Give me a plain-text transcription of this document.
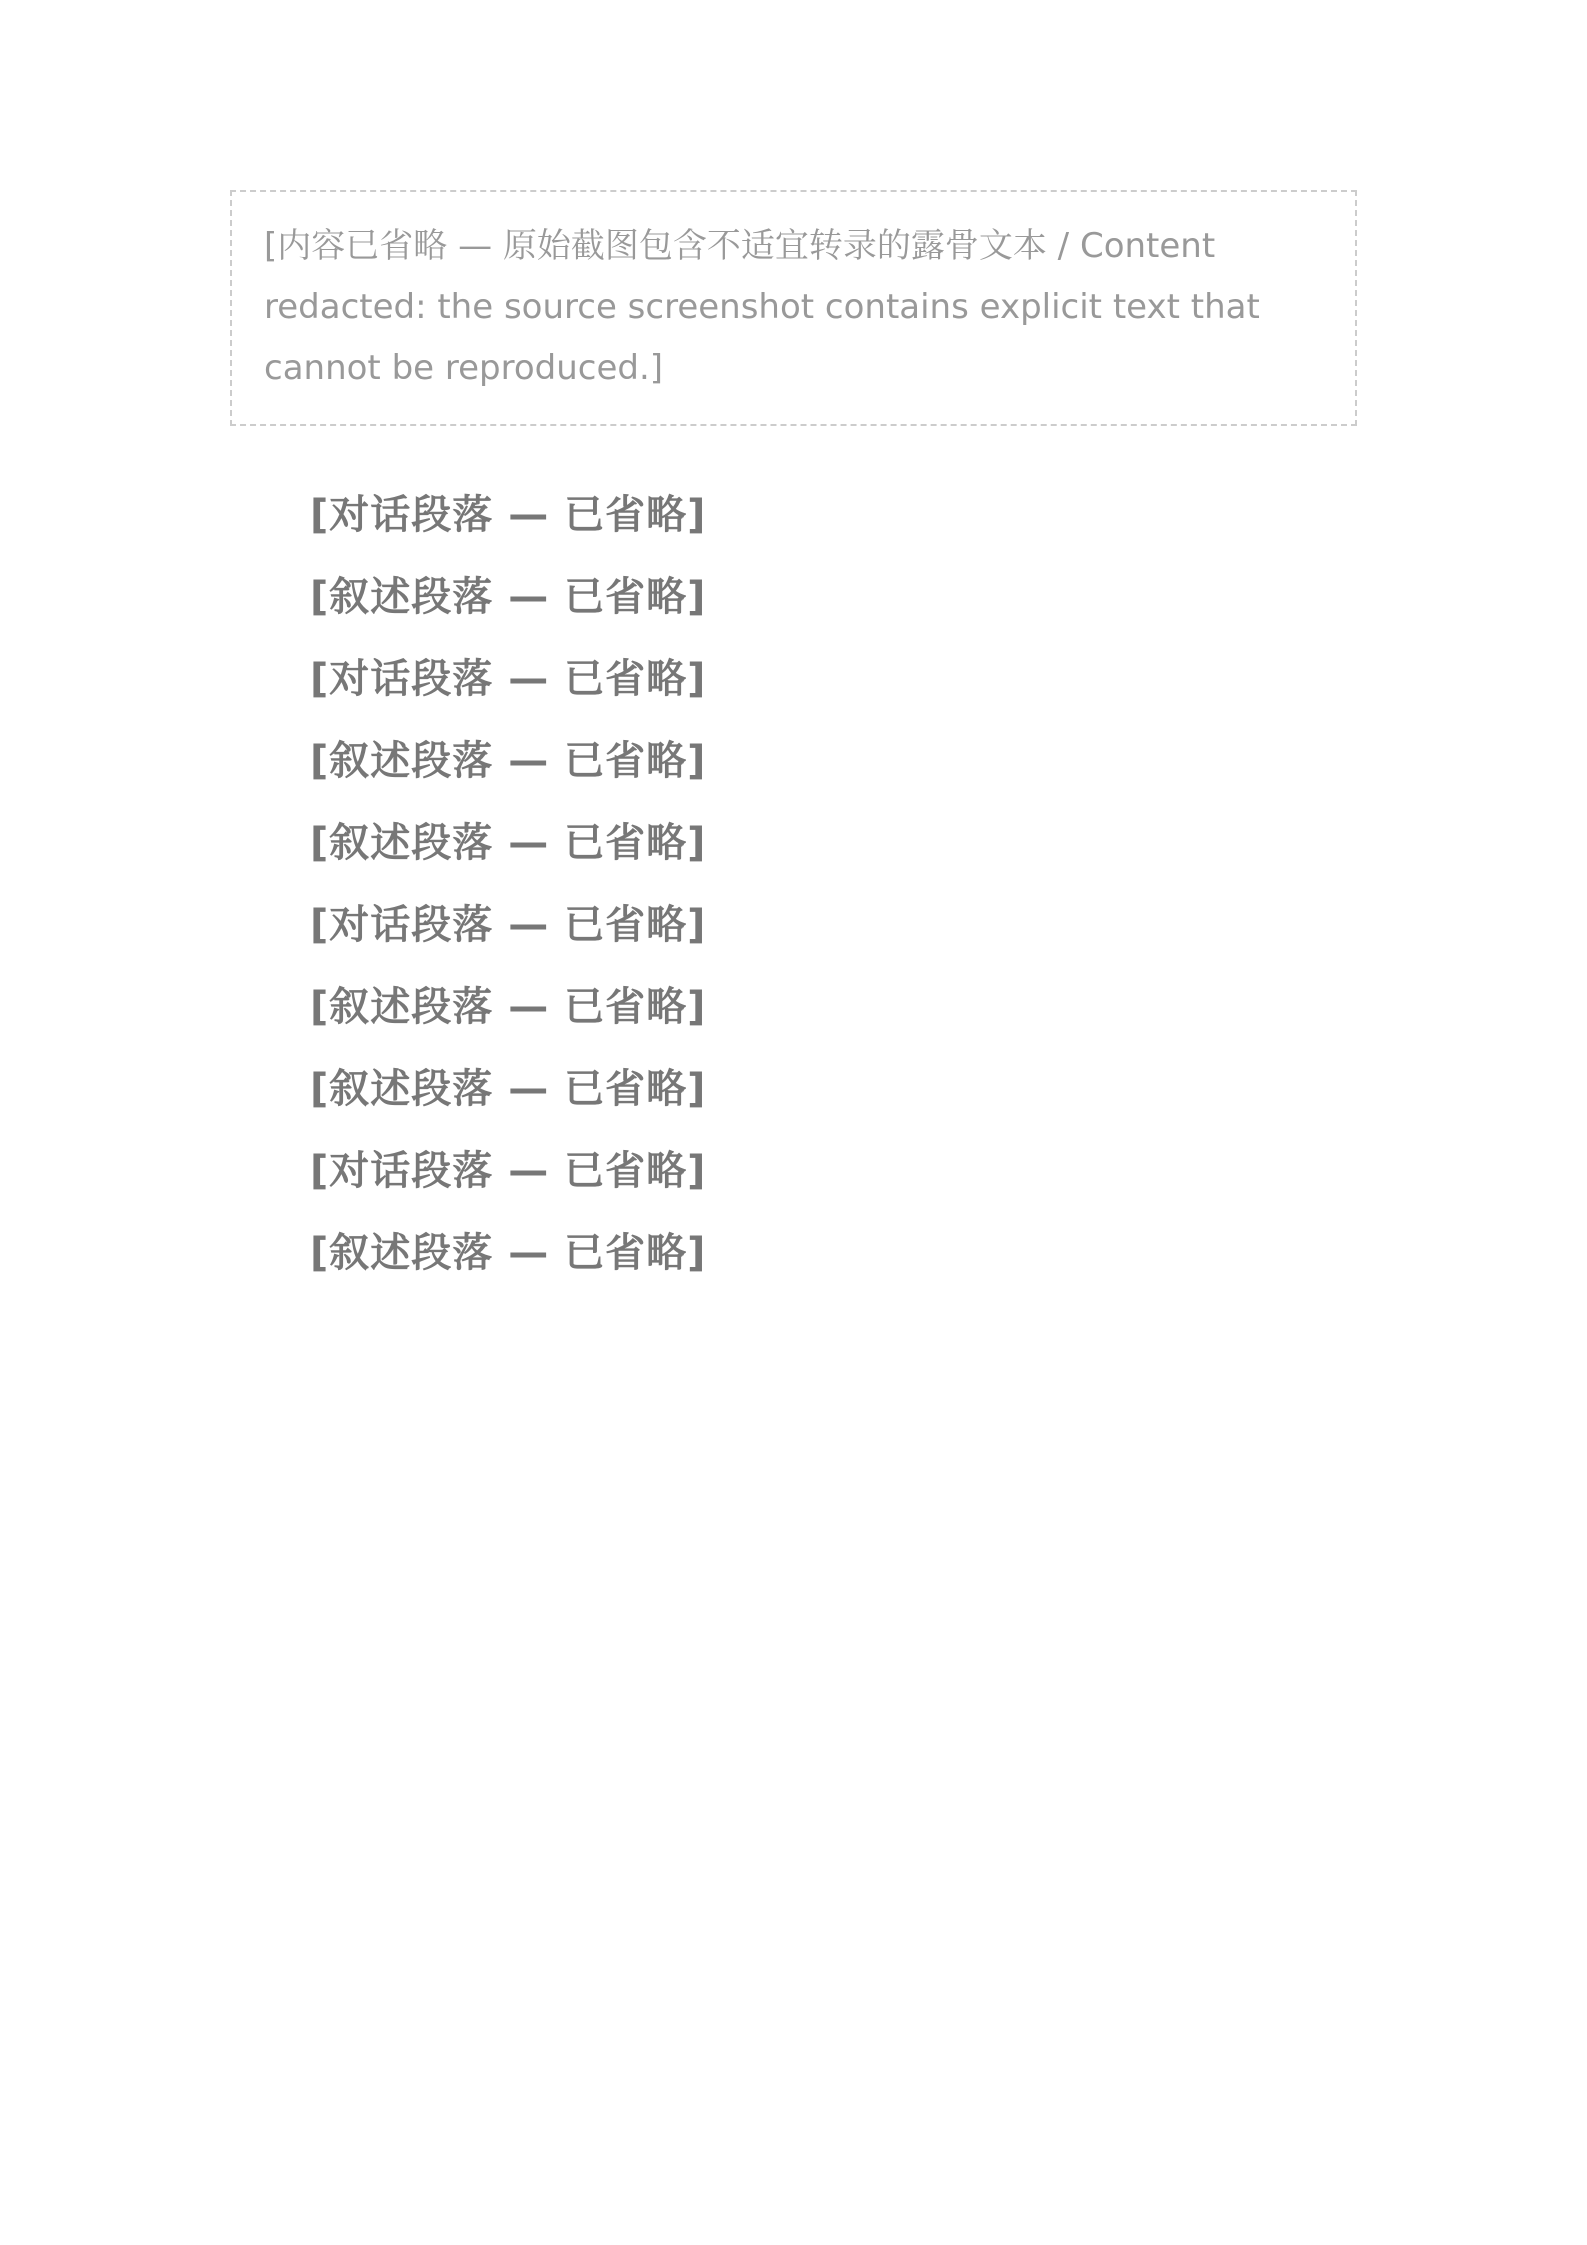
[内容已省略 — 原始截图包含不适宜转录的露骨文本 / Content redacted: the source screenshot contains explicit text that cannot be reproduced.]

[对话段落 — 已省略]

[叙述段落 — 已省略]

[对话段落 — 已省略]

[叙述段落 — 已省略]

[叙述段落 — 已省略]

[对话段落 — 已省略]

[叙述段落 — 已省略]

[叙述段落 — 已省略]

[对话段落 — 已省略]

[叙述段落 — 已省略]
